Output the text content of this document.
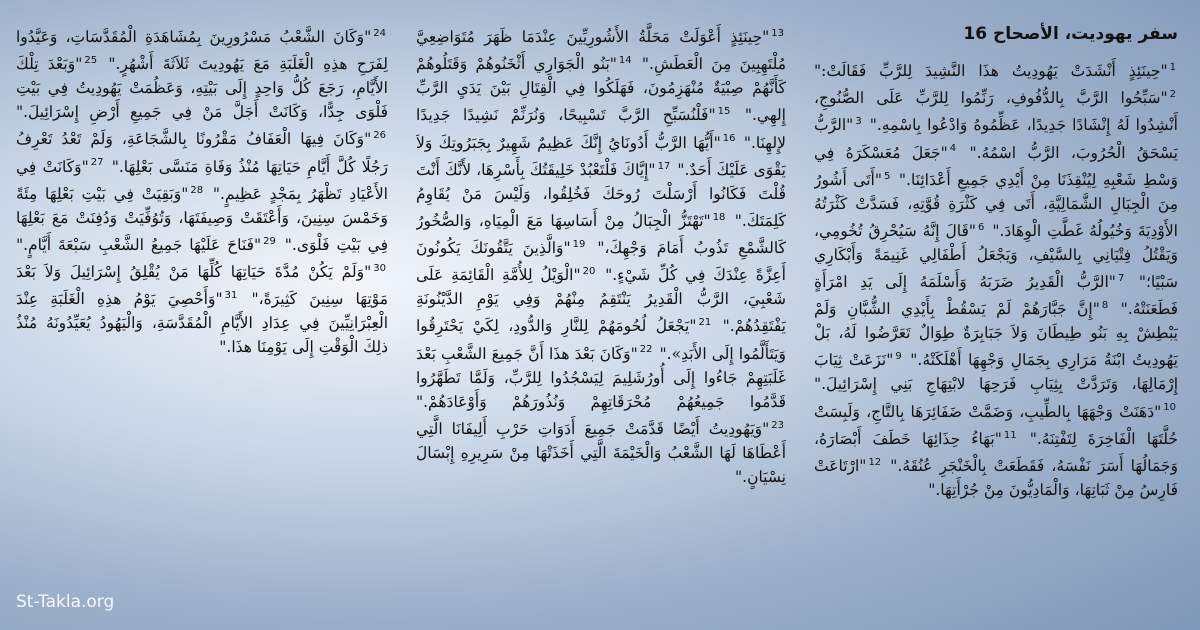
سفر يهوديت، الأصحاح 16
$^1$"حِينَئِذٍ أَنْشَدَتْ يَهُودِيتُ هذَا النَّشِيدَ لِلرَّبِّ فَقَالَتْ:" $^2$"سَبِّحُوا الرَّبَّ بِالدُّفُوفِ، رَنِّمُوا لِلرَّبِّ عَلَى الصُّنُوجِ، أَنْشِدُوا لَهُ إِنْشَادًا جَدِيدًا، عَظِّمُوهُ وَادْعُوا بِاسْمِهِ." $^3$"الرَّبُّ يَسْحَقُ الْحُرُوبَ، الرَّبُّ اسْمُهُ." $^4$"جَعَلَ مُعَسْكَرَهُ فِي وَسْطِ شَعْبِهِ لِيُنْقِذَنَا مِنْ أَيْدِي جَمِيعِ أَعْدَائِنَا." $^5$"أَتَى أَشُورُ مِنَ الْجِبَالِ الشَّمَالِيَّةِ، أَتَى فِي كَثْرَةِ قُوَّتِهِ، فَسَدَّتْ كَثْرَتُهُ الأَوْدِيَةَ وَخُيُولُهُ غَطَّتِ الْوِهَادَ." $^6$"قَالَ إِنَّهُ سَيُحْرِقُ تُخُومِي، وَيَقْتُلُ فِتْيَانِي بِالسَّيْفِ، وَيَجْعَلُ أَطْفَالِي غَنِيمَةً وَأَبْكَارِي سَبْيًا؛" $^7$"الرَّبُّ الْقَدِيرُ ضَرَبَهُ وَأَسْلَمَهُ إِلَى يَدِ امْرَأَةٍ فَطَعَنَتْهُ." $^8$"إِنَّ جَبَّارَهُمْ لَمْ يَسْقُطْ بِأَيْدِي الشُّبَّانِ وَلَمْ يَبْطِشْ بِهِ بَنُو طِيطَانَ وَلاَ جَبَابِرَةٌ طِوَالٌ تَعَرَّضُوا لَهُ، بَلْ يَهُودِيتُ ابْنَةُ مَرَارِي بِجَمَالِ وَجْهِهَا أَهْلَكَتْهُ." $^9$"نَزَعَتْ ثِيَابَ إِرْمَالِهَا، وَتَرَدَّتْ بِثِيَابِ فَرَحِهَا لابْتِهَاجِ بَنِي إِسْرَائِيلَ." $^{10}$"دَهَنَتْ وَجْهَهَا بِالطِّيبِ، وَضَمَّتْ ضَفَائِرَهَا بِالتَّاجِ، وَلَبِسَتْ حُلَّتَهَا الْفَاخِرَةَ لِتَفْتِنَهُ." $^{11}$"بَهَاءُ حِذَائِهَا خَطَفَ أَبْصَارَهُ، وَجَمَالُهَا أَسَرَ نَفْسَهُ، فَقَطَعَتْ بِالْخَنْجَرِ عُنُقَهُ." $^{12}$"ارْتَاعَتْ فَارِسُ مِنْ ثَبَاتِهَا، وَالْمَادِيُّونَ مِنْ جُرْأَتِهَا."
$^{13}$"حِينَئِذٍ أَعْوَلَتْ مَحَلَّةُ الأَشُورِيِّينَ عِنْدَمَا ظَهَرَ مُتَوَاضِعِيَّ مُلْتَهِبِينَ مِنَ الْعَطَشِ." $^{14}$"بَنُو الْجَوَارِي أَثْخَنُوهُمْ وَقَتَلُوهُمْ كَأَنَّهُمْ صِبْيَةٌ مُنْهَزِمُونَ، فَهَلَكُوا فِي الْقِتَالِ بَيْنَ يَدَيِ الرَّبِّ إِلهِي." $^{15}$"فَلْنُسَبِّحِ الرَّبَّ تَسْبِيحًا، وَنُرَنِّمْ نَشِيدًا جَدِيدًا لإِلهِنَا." $^{16}$"أَيُّهَا الرَّبُّ أَدُونَايُ إِنَّكَ عَظِيمٌ شَهِيرٌ بِجَبَرُوتِكَ وَلاَ يَقْوَى عَلَيْكَ أَحَدٌ." $^{17}$"إِيَّاكَ فَلْتَعْبُدْ خَلِيقَتُكَ بِأَسْرِهَا، لأَنَّكَ أَنْتَ قُلْتَ فَكَانُوا أَرْسَلْتَ رُوحَكَ فَخُلِقُوا، وَلَيْسَ مَنْ يُقَاوِمُ كَلِمَتَكَ." $^{18}$"تَهْتَزُّ الْجِبَالُ مِنْ أَسَاسِهَا مَعَ الْمِيَاهِ، وَالصُّخُورُ كَالشَّمْعِ تَذُوبُ أَمَامَ وَجْهِكَ،" $^{19}$"وَالَّذِينَ يَتَّقُونَكَ يَكُونُونَ أَعِزَّةً عِنْدَكَ فِي كُلِّ شَيْءٍ." $^{20}$"الْوَيْلُ لِلأُمَّةِ الْقَائِمَةِ عَلَى شَعْبِيَ، الرَّبُّ الْقَدِيرُ يَنْتَقِمُ مِنْهُمْ وَفِي يَوْمِ الدَّيْنُونَةِ يَفْتَقِدُهُمْ." $^{21}$"يَجْعَلُ لُحُومَهُمْ لِلنَّارِ وَالدُّودِ، لِكَيْ يَحْتَرِقُوا وَيَتَأَلَّمُوا إِلَى الأَبَدِ»." $^{22}$"وَكَانَ بَعْدَ هذَا أَنَّ جَمِيعَ الشَّعْبِ بَعْدَ غَلَبَتِهِمْ جَاءُوا إِلَى أُورُشَلِيمَ لِيَسْجُدُوا لِلرَّبِّ، وَلَمَّا تَطَهَّرُوا قَدَّمُوا جَمِيعُهُمْ مُحْرَقَاتِهِمْ وَنُذُورَهُمْ وَأَوْعَادَهُمْ." $^{23}$"وَيَهُودِيتُ أَيْضًا قَدَّمَتْ جَمِيعَ أَدَوَاتِ حَرْبِ أَلِيفَانَا الَّتِي أَعْطَاهَا لَهَا الشَّعْبُ وَالْخَيْمَةَ الَّتِي أَخَذَتْهَا مِنْ سَرِيرِهِ إِبْسَالَ نِسْيَانٍ."
$^{24}$"وَكَانَ الشَّعْبُ مَسْرُورِينَ بِمُشَاهَدَةِ الْمُقَدَّسَاتِ، وَعَيَّدُوا لِفَرَحِ هذِهِ الْغَلَبَةِ مَعَ يَهُودِيتَ ثَلاَثَةَ أَشْهُرٍ." $^{25}$"وَبَعْدَ تِلْكَ الأَيَّامِ، رَجَعَ كُلُّ وَاحِدٍ إِلَى بَيْتِهِ، وَعَظُمَتْ يَهُودِيتُ فِي بَيْتِ فَلْوَى جِدًّا، وَكَانَتْ أَجَلَّ مَنْ فِي جَمِيعِ أَرْضِ إِسْرَائِيلَ." $^{26}$"وَكَانَ فِيهَا الْعَفَافُ مَقْرُونًا بِالشَّجَاعَةِ، وَلَمْ تَعْدُ تَعْرِفُ رَجُلًا كُلَّ أَيَّامِ حَيَاتِهَا مُنْذُ وَفَاةِ مَنَسَّى بَعْلِهَا." $^{27}$"وَكَانَتْ فِي الأَعْيَادِ تَظْهَرُ بِمَجْدٍ عَظِيمٍ." $^{28}$"وَبَقِيَتْ فِي بَيْتِ بَعْلِهَا مِئَةً وَخَمْسَ سِنِينَ، وَأَعْتَقَتْ وَصِيفَتَهَا، وَتُوُفِّيَتْ وَدُفِنَتْ مَعَ بَعْلِهَا فِي بَيْتِ فَلْوَى." $^{29}$"فَنَاحَ عَلَيْهَا جَمِيعُ الشَّعْبِ سَبْعَةَ أَيَّامٍ." $^{30}$"وَلَمْ يَكُنْ مُدَّةَ حَيَاتِهَا كُلِّهَا مَنْ يُقْلِقُ إِسْرَائِيلَ وَلاَ بَعْدَ مَوْتِهَا سِنِينَ كَثِيرَةً،" $^{31}$"وَأَحْصِيَ يَوْمُ هذِهِ الْغَلَبَةِ عِنْدَ الْعِبْرَانِيِّينَ فِي عِدَادِ الأَيَّامِ الْمُقَدَّسَةِ، وَالْيَهُودُ يُعَيِّدُونَهُ مُنْذُ ذلِكَ الْوَقْتِ إِلَى يَوْمِنَا هذَا."
St-Takla.org
